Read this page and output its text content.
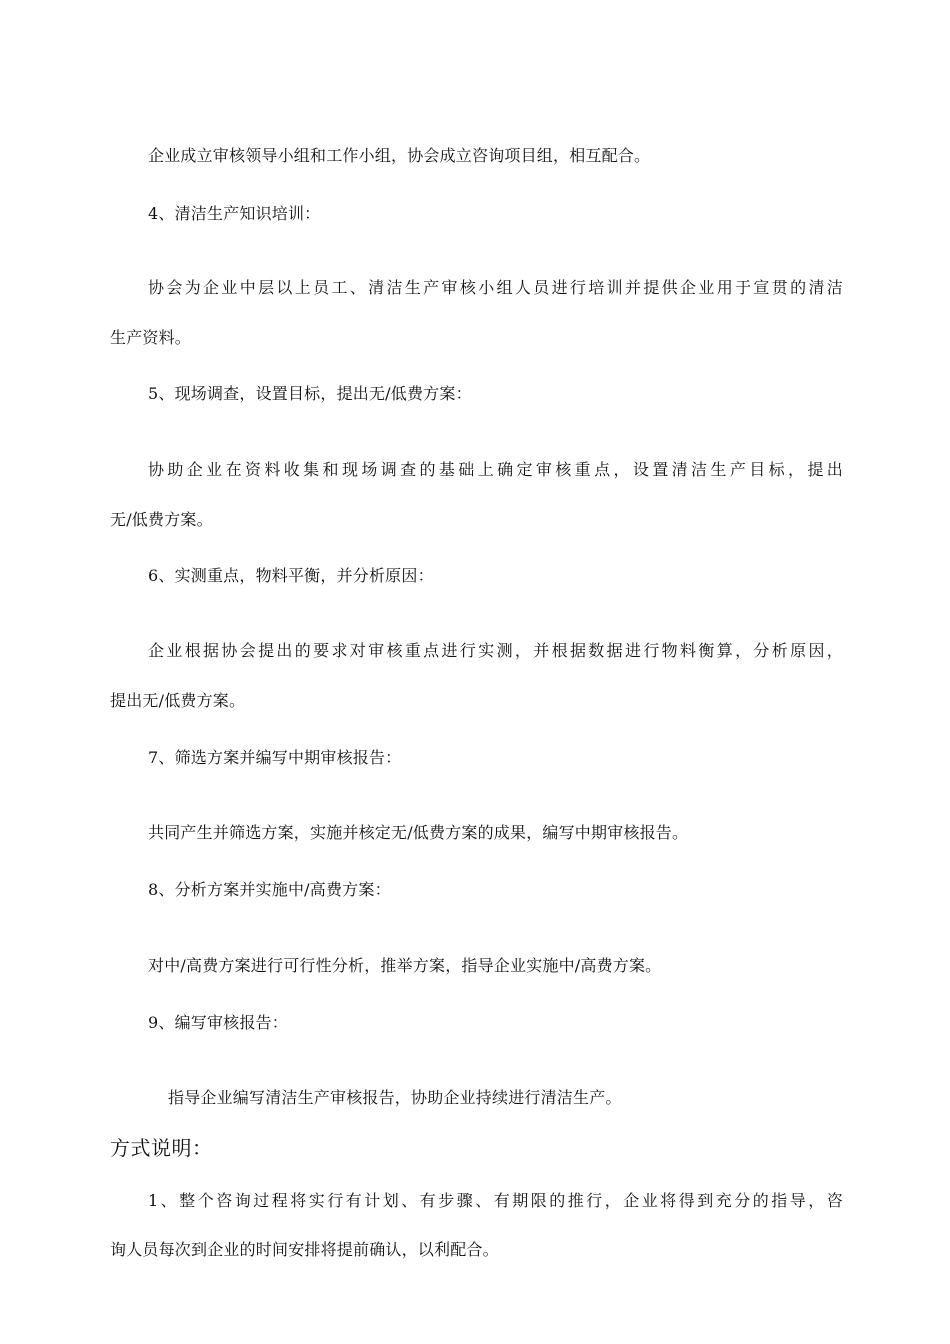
企业成立审核领导小组和工作小组，协会成立咨询项目组，相互配合。
4、清洁生产知识培训：
协会为企业中层以上员工、清洁生产审核小组人员进行培训并提供企业用于宣贯的清洁
生产资料。
5、现场调查，设置目标，提出无/低费方案：
协助企业在资料收集和现场调查的基础上确定审核重点，设置清洁生产目标，提出
无/低费方案。
6、实测重点，物料平衡，并分析原因：
企业根据协会提出的要求对审核重点进行实测，并根据数据进行物料衡算，分析原因，
提出无/低费方案。
7、筛选方案并编写中期审核报告：
共同产生并筛选方案，实施并核定无/低费方案的成果，编写中期审核报告。
8、分析方案并实施中/高费方案：
对中/高费方案进行可行性分析，推举方案，指导企业实施中/高费方案。
9、编写审核报告：
指导企业编写清洁生产审核报告，协助企业持续进行清洁生产。
方式说明：
1、整个咨询过程将实行有计划、有步骤、有期限的推行，企业将得到充分的指导，咨
询人员每次到企业的时间安排将提前确认，以利配合。
